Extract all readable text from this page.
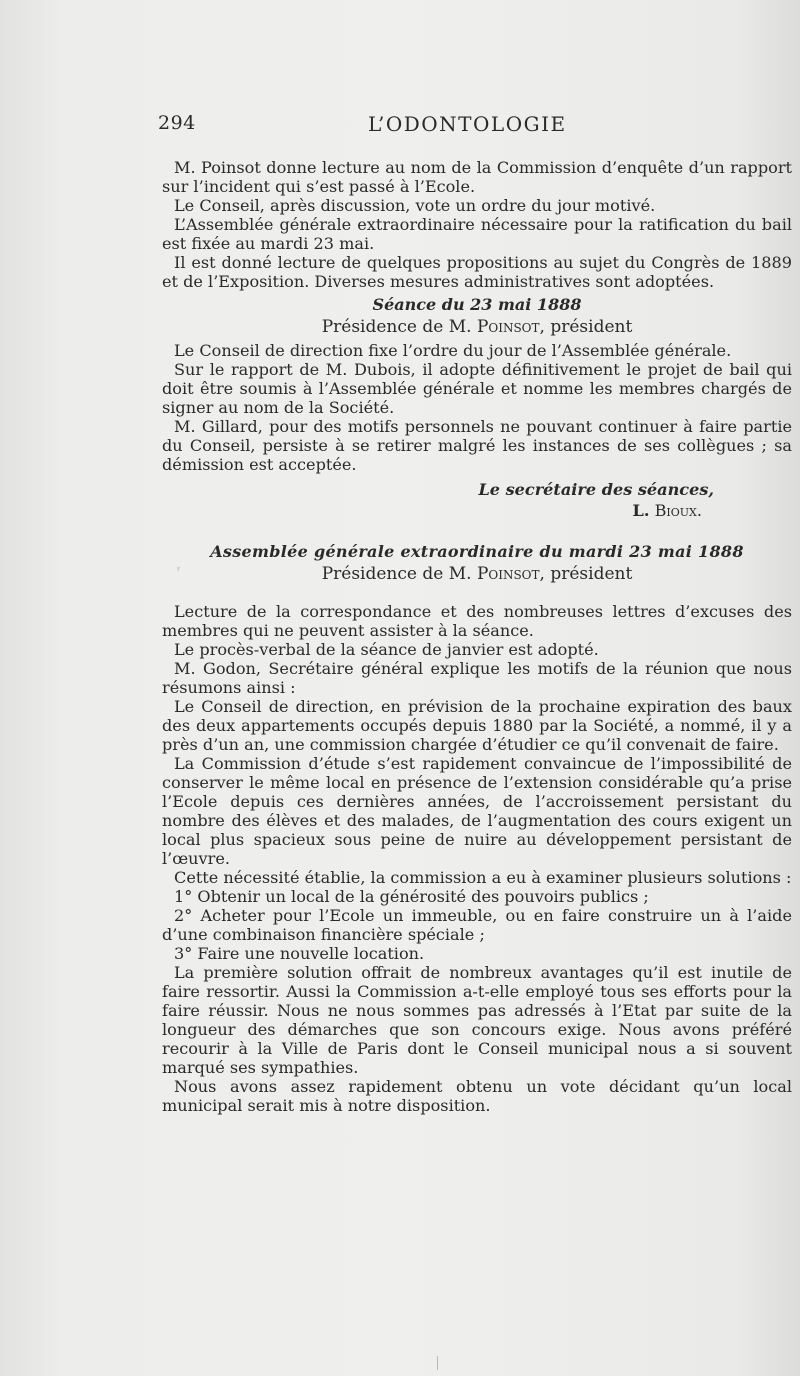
294	L’ODONTOLOGIE
ʳ

M. Poinsot donne lecture au nom de la Commission d’enquête d’un rapport sur l’incident qui s’est passé à l’Ecole.

Le Conseil, après discussion, vote un ordre du jour motivé.

L’Assemblée générale extraordinaire nécessaire pour la ratification du bail est fixée au mardi 23 mai.

Il est donné lecture de quelques propositions au sujet du Congrès de 1889 et de l’Exposition. Diverses mesures administratives sont adoptées.

Séance du 23 mai 1888

Présidence de M. Poinsot, président

Le Conseil de direction fixe l’ordre du jour de l’Assemblée générale.

Sur le rapport de M. Dubois, il adopte définitivement le projet de bail qui doit être soumis à l’Assemblée générale et nomme les membres chargés de signer au nom de la Société.

M. Gillard, pour des motifs personnels ne pouvant continuer à faire partie du Conseil, persiste à se retirer malgré les instances de ses collègues ; sa démission est acceptée.

Le secrétaire des séances,

L. Bioux.

Assemblée générale extraordinaire du mardi 23 mai 1888

Présidence de M. Poinsot, président

Lecture de la correspondance et des nombreuses lettres d’excuses des membres qui ne peuvent assister à la séance.

Le procès-verbal de la séance de janvier est adopté.

M. Godon, Secrétaire général explique les motifs de la réunion que nous résumons ainsi :

Le Conseil de direction, en prévision de la prochaine expiration des baux des deux appartements occupés depuis 1880 par la Société, a nommé, il y a près d’un an, une commission chargée d’étudier ce qu’il convenait de faire.

La Commission d’étude s’est rapidement convaincue de l’impossibilité de conserver le même local en présence de l’extension considérable qu’a prise l’Ecole depuis ces dernières années, de l’accroissement persistant du nombre des élèves et des malades, de l’augmentation des cours exigent un local plus spacieux sous peine de nuire au développement persistant de l’œuvre.

Cette nécessité établie, la commission a eu à examiner plusieurs solutions :

1° Obtenir un local de la générosité des pouvoirs publics ;

2° Acheter pour l’Ecole un immeuble, ou en faire construire un à l’aide d’une combinaison financière spéciale ;

3° Faire une nouvelle location.

La première solution offrait de nombreux avantages qu’il est inutile de faire ressortir. Aussi la Commission a-t-elle employé tous ses efforts pour la faire réussir. Nous ne nous sommes pas adressés à l’Etat par suite de la longueur des démarches que son concours exige. Nous avons préféré recourir à la Ville de Paris dont le Conseil municipal nous a si souvent marqué ses sympathies.

Nous avons assez rapidement obtenu un vote décidant qu’un local municipal serait mis à notre disposition.
